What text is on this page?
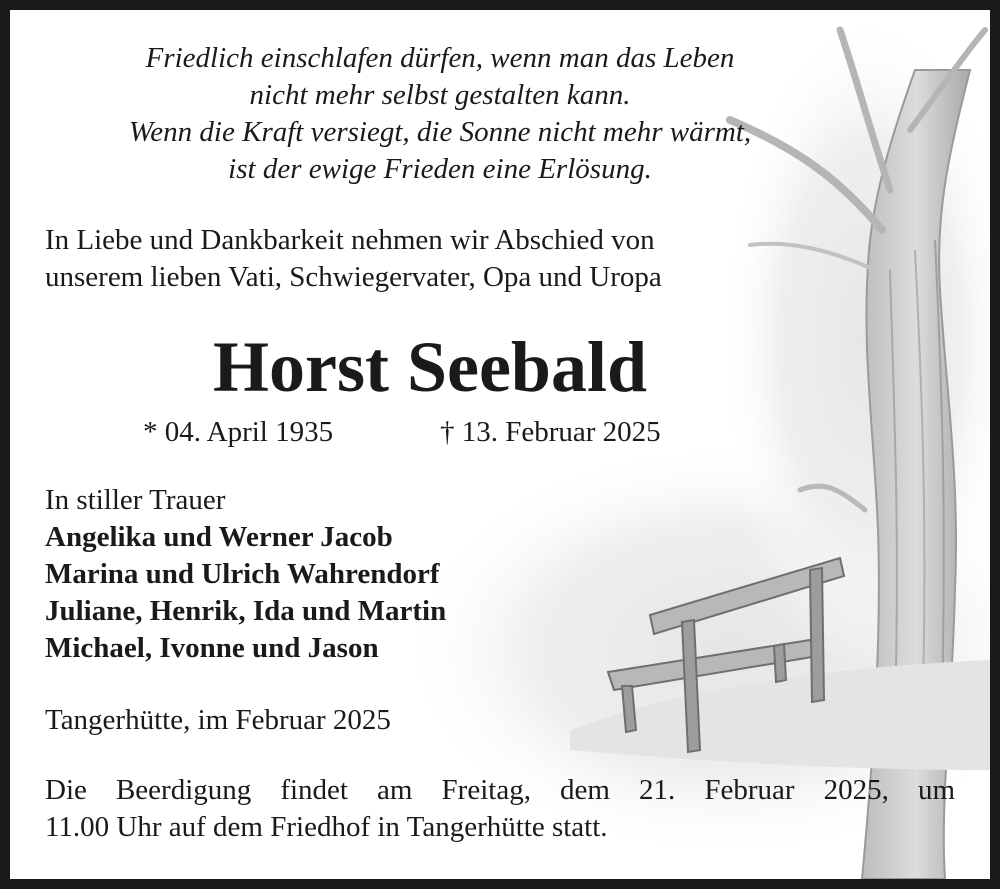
Friedlich einschlafen dürfen, wenn man das Leben
nicht mehr selbst gestalten kann.
Wenn die Kraft versiegt, die Sonne nicht mehr wärmt,
ist der ewige Frieden eine Erlösung.
In Liebe und Dankbarkeit nehmen wir Abschied von
unserem lieben Vati, Schwiegervater, Opa und Uropa
Horst Seebald
* 04. April 1935	† 13. Februar 2025
In stiller Trauer
Angelika und Werner Jacob
Marina und Ulrich Wahrendorf
Juliane, Henrik, Ida und Martin
Michael, Ivonne und Jason
Tangerhütte, im Februar 2025
Die Beerdigung findet am Freitag, dem 21. Februar 2025, um
11.00 Uhr auf dem Friedhof in Tangerhütte statt.
